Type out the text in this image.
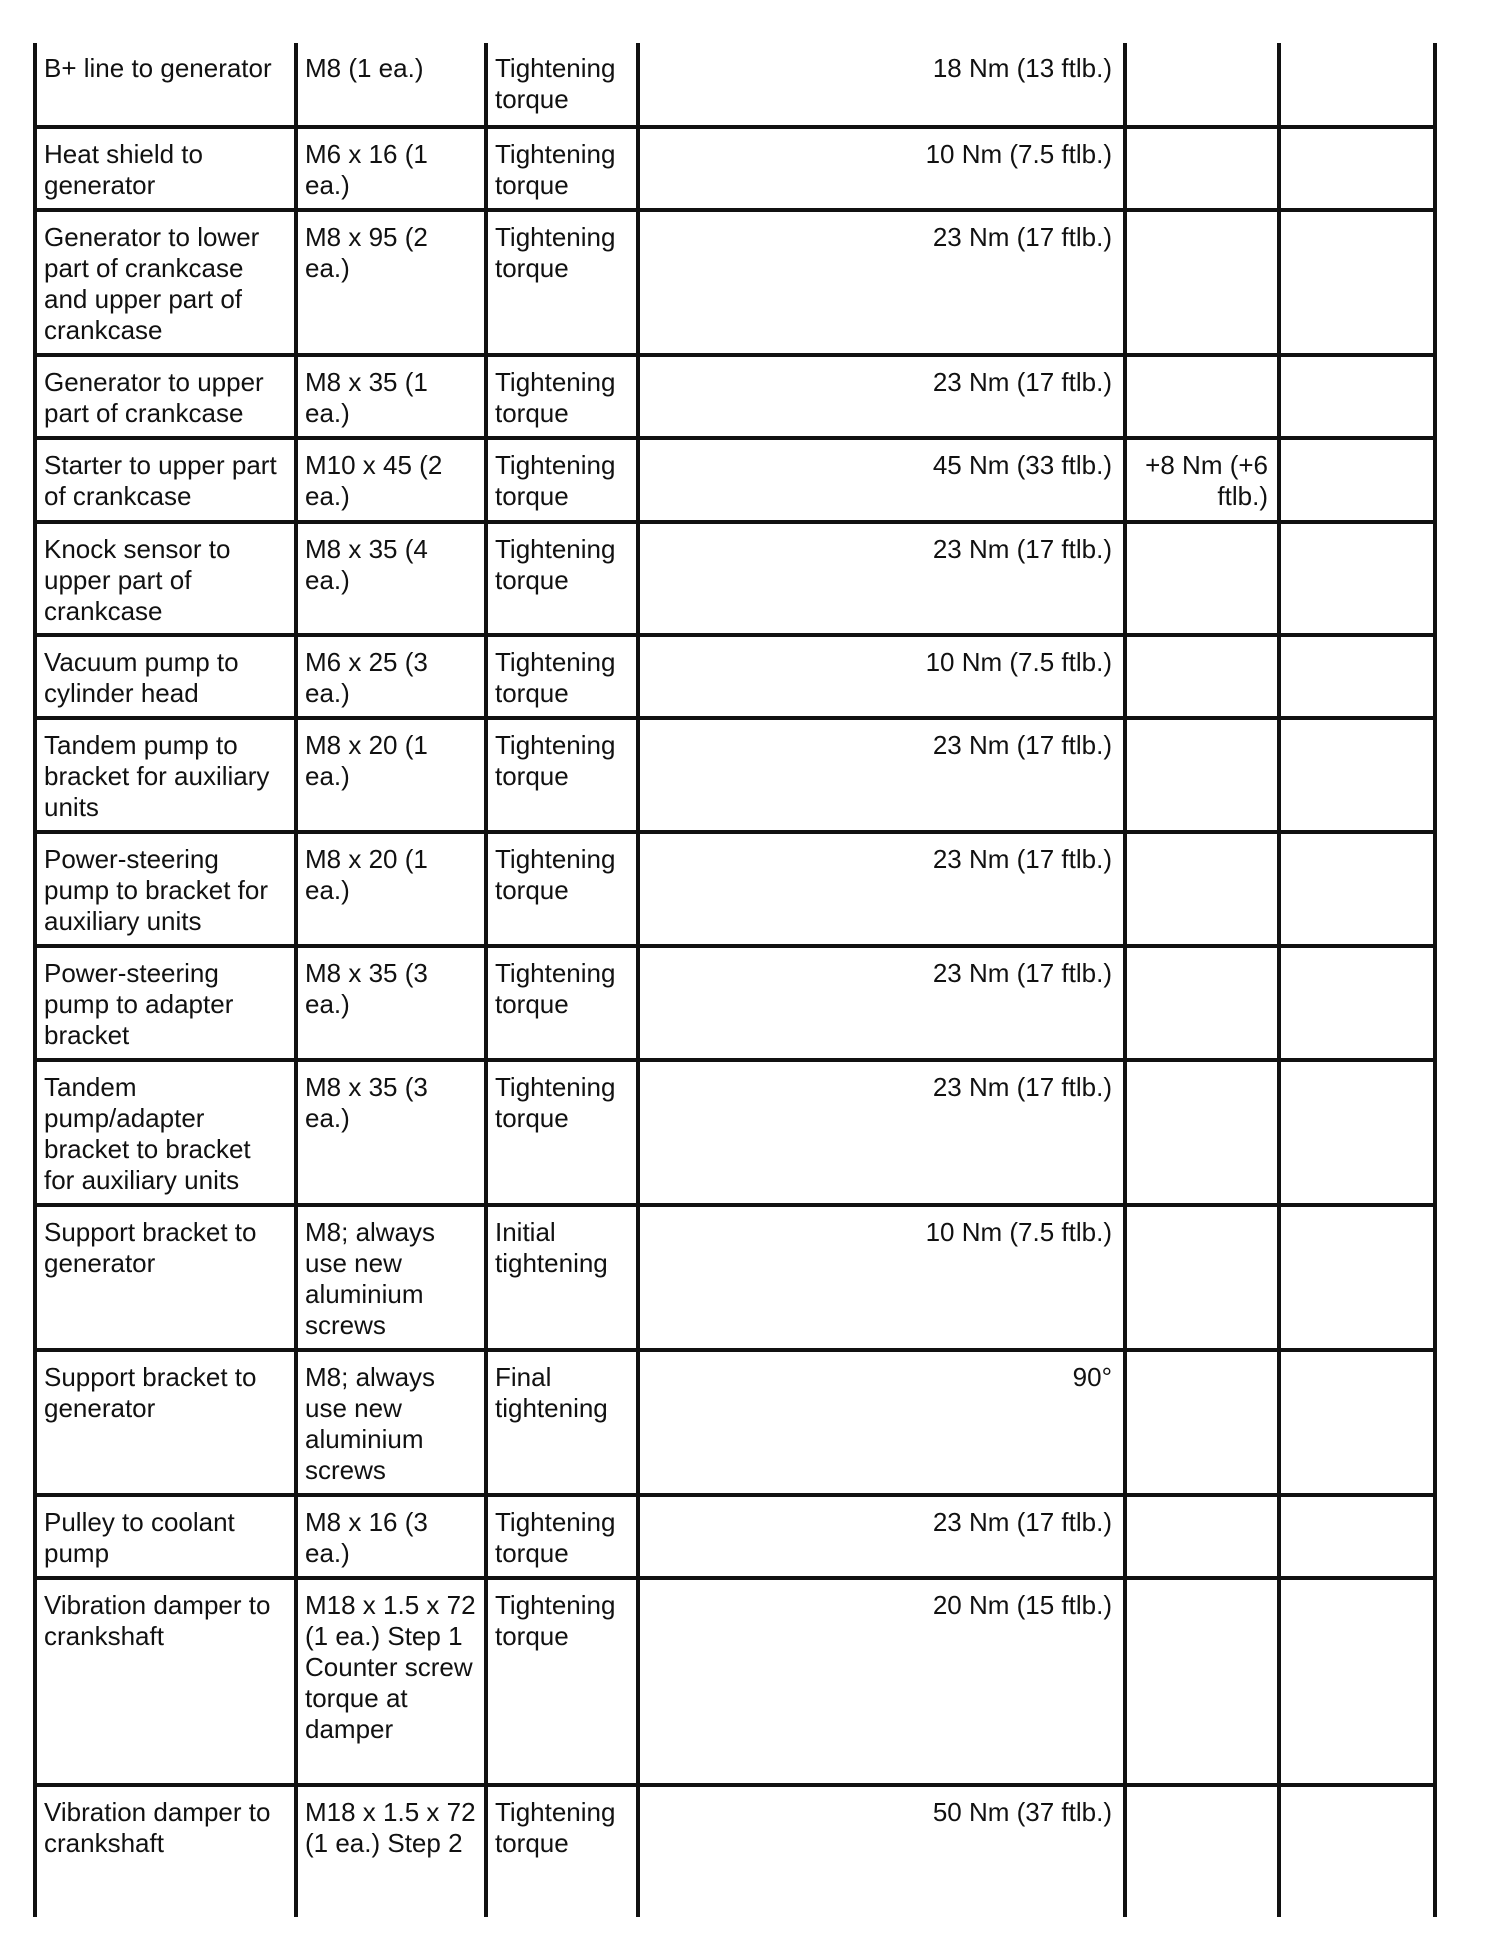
B+ line to generator	M8 (1 ea.)	Tightening torque	18 Nm (13 ftlb.)		
Heat shield to generator	M6 x 16 (1 ea.)	Tightening torque	10 Nm (7.5 ftlb.)		
Generator to lower part of crankcase and upper part of crankcase	M8 x 95 (2 ea.)	Tightening torque	23 Nm (17 ftlb.)		
Generator to upper part of crankcase	M8 x 35 (1 ea.)	Tightening torque	23 Nm (17 ftlb.)		
Starter to upper part of crankcase	M10 x 45 (2 ea.)	Tightening torque	45 Nm (33 ftlb.)	+8 Nm (+6 ftlb.)	
Knock sensor to upper part of crankcase	M8 x 35 (4 ea.)	Tightening torque	23 Nm (17 ftlb.)		
Vacuum pump to cylinder head	M6 x 25 (3 ea.)	Tightening torque	10 Nm (7.5 ftlb.)		
Tandem pump to bracket for auxiliary units	M8 x 20 (1 ea.)	Tightening torque	23 Nm (17 ftlb.)		
Power-steering pump to bracket for auxiliary units	M8 x 20 (1 ea.)	Tightening torque	23 Nm (17 ftlb.)		
Power-steering pump to adapter bracket	M8 x 35 (3 ea.)	Tightening torque	23 Nm (17 ftlb.)		
Tandem pump/adapter bracket to bracket for auxiliary units	M8 x 35 (3 ea.)	Tightening torque	23 Nm (17 ftlb.)		
Support bracket to generator	M8; always use new aluminium screws	Initial tightening	10 Nm (7.5 ftlb.)		
Support bracket to generator	M8; always use new aluminium screws	Final tightening	90°		
Pulley to coolant pump	M8 x 16 (3 ea.)	Tightening torque	23 Nm (17 ftlb.)		
Vibration damper to crankshaft	M18 x 1.5 x 72 (1 ea.) Step 1 Counter screw torque at damper	Tightening torque	20 Nm (15 ftlb.)		
Vibration damper to crankshaft	M18 x 1.5 x 72 (1 ea.) Step 2	Tightening torque	50 Nm (37 ftlb.)		
